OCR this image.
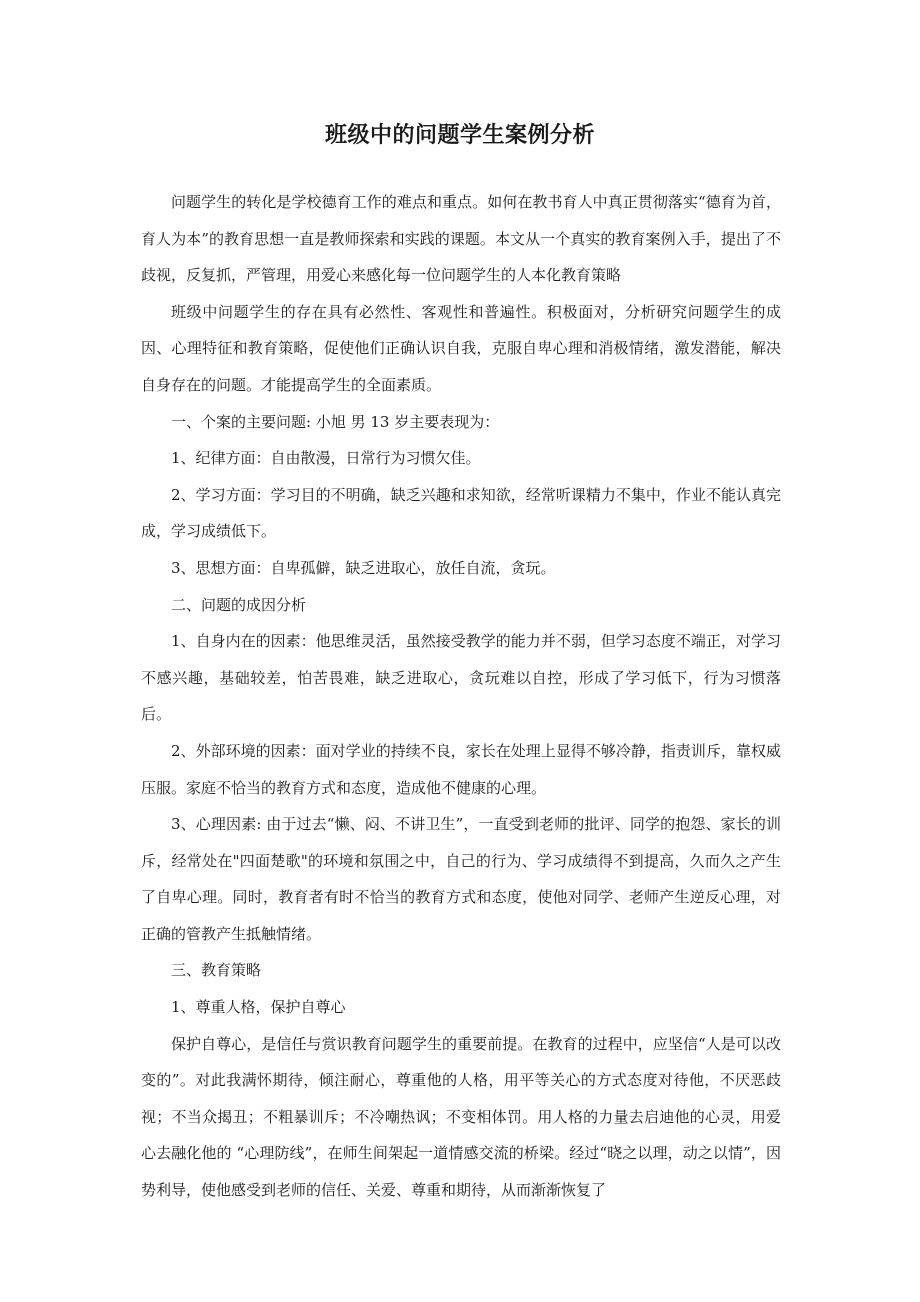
班级中的问题学生案例分析

问题学生的转化是学校德育工作的难点和重点。如何在教书育人中真正贯彻落实“德育为首，育人为本”的教育思想一直是教师探索和实践的课题。本文从一个真实的教育案例入手，提出了不歧视，反复抓，严管理，用爱心来感化每一位问题学生的人本化教育策略

班级中问题学生的存在具有必然性、客观性和普遍性。积极面对，分析研究问题学生的成因、心理特征和教育策略，促使他们正确认识自我，克服自卑心理和消极情绪，激发潜能，解决自身存在的问题。才能提高学生的全面素质。

一、个案的主要问题: 小旭 男 13 岁主要表现为：

1、纪律方面：自由散漫，日常行为习惯欠佳。

2、学习方面：学习目的不明确，缺乏兴趣和求知欲，经常听课精力不集中，作业不能认真完成，学习成绩低下。

3、思想方面：自卑孤僻，缺乏进取心，放任自流，贪玩。

二、问题的成因分析

1、自身内在的因素：他思维灵活，虽然接受教学的能力并不弱，但学习态度不端正，对学习不感兴趣，基础较差，怕苦畏难，缺乏进取心，贪玩难以自控，形成了学习低下，行为习惯落后。

2、外部环境的因素：面对学业的持续不良，家长在处理上显得不够冷静，指责训斥，靠权威压服。家庭不恰当的教育方式和态度，造成他不健康的心理。

3、心理因素: 由于过去“懒、闷、不讲卫生”，一直受到老师的批评、同学的抱怨、家长的训斥，经常处在"四面楚歌"的环境和氛围之中，自己的行为、学习成绩得不到提高，久而久之产生了自卑心理。同时，教育者有时不恰当的教育方式和态度，使他对同学、老师产生逆反心理，对正确的管教产生抵触情绪。

三、教育策略

1、尊重人格，保护自尊心

保护自尊心，是信任与赏识教育问题学生的重要前提。在教育的过程中，应坚信“人是可以改变的”。对此我满怀期待，倾注耐心，尊重他的人格，用平等关心的方式态度对待他，不厌恶歧视；不当众揭丑；不粗暴训斥；不冷嘲热讽；不变相体罚。用人格的力量去启迪他的心灵，用爱心去融化他的 “心理防线”，在师生间架起一道情感交流的桥梁。经过“晓之以理，动之以情”，因势利导，使他感受到老师的信任、关爱、尊重和期待，从而渐渐恢复了
